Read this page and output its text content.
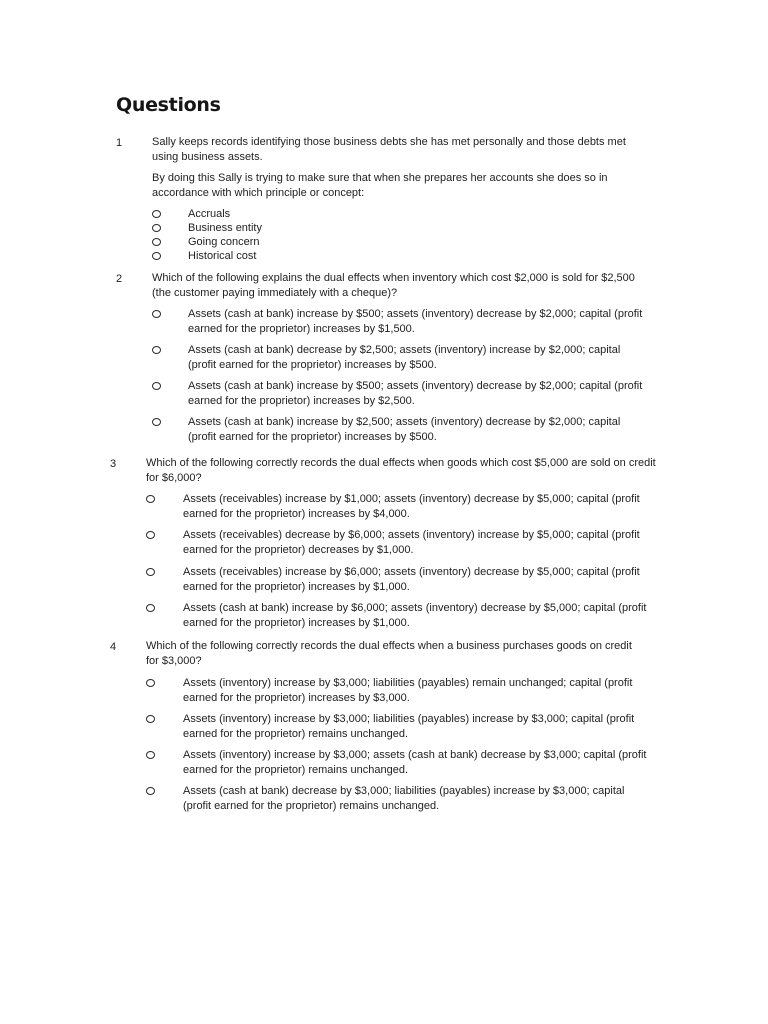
Questions
1	Sally keeps records identifying those business debts she has met personally and those debts met using business assets.

By doing this Sally is trying to make sure that when she prepares her accounts she does so in accordance with which principle or concept:

Accruals
Business entity
Going concern
Historical cost
2	Which of the following explains the dual effects when inventory which cost $2,000 is sold for $2,500 (the customer paying immediately with a cheque)?

Assets (cash at bank) increase by $500; assets (inventory) decrease by $2,000; capital (profit earned for the proprietor) increases by $1,500.
Assets (cash at bank) decrease by $2,500; assets (inventory) increase by $2,000; capital (profit earned for the proprietor) increases by $500.
Assets (cash at bank) increase by $500; assets (inventory) decrease by $2,000; capital (profit earned for the proprietor) increases by $2,500.
Assets (cash at bank) increase by $2,500; assets (inventory) decrease by $2,000; capital (profit earned for the proprietor) increases by $500.
3	Which of the following correctly records the dual effects when goods which cost $5,000 are sold on credit for $6,000?

Assets (receivables) increase by $1,000; assets (inventory) decrease by $5,000; capital (profit earned for the proprietor) increases by $4,000.
Assets (receivables) decrease by $6,000; assets (inventory) increase by $5,000; capital (profit earned for the proprietor) decreases by $1,000.
Assets (receivables) increase by $6,000; assets (inventory) decrease by $5,000; capital (profit earned for the proprietor) increases by $1,000.
Assets (cash at bank) increase by $6,000; assets (inventory) decrease by $5,000; capital (profit earned for the proprietor) increases by $1,000.
4	Which of the following correctly records the dual effects when a business purchases goods on credit for $3,000?

Assets (inventory) increase by $3,000; liabilities (payables) remain unchanged; capital (profit earned for the proprietor) increases by $3,000.
Assets (inventory) increase by $3,000; liabilities (payables) increase by $3,000; capital (profit earned for the proprietor) remains unchanged.
Assets (inventory) increase by $3,000; assets (cash at bank) decrease by $3,000; capital (profit earned for the proprietor) remains unchanged.
Assets (cash at bank) decrease by $3,000; liabilities (payables) increase by $3,000; capital (profit earned for the proprietor) remains unchanged.
